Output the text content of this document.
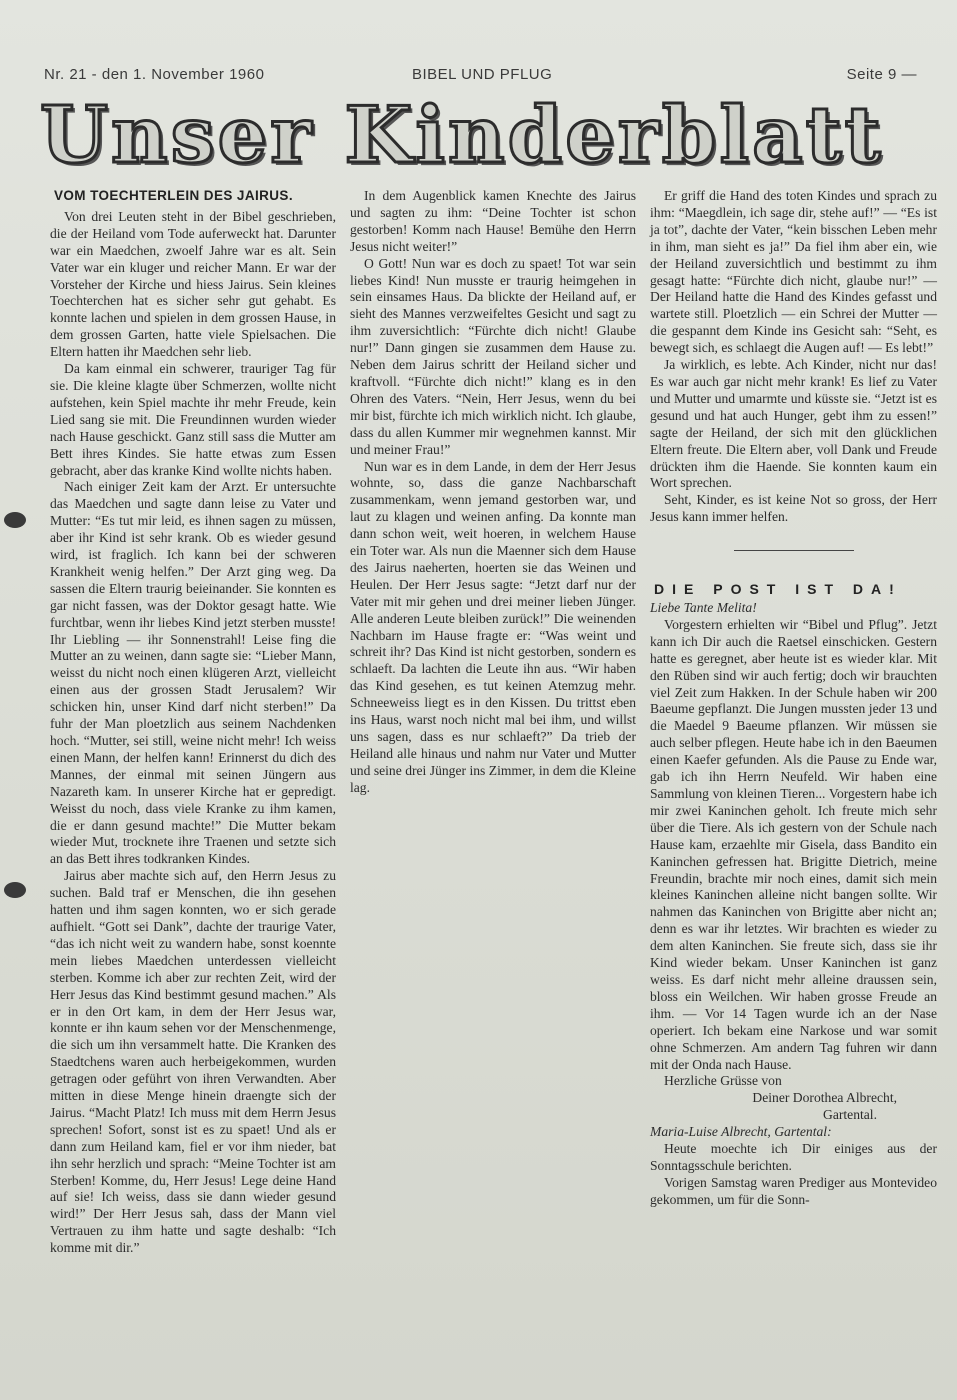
Nr. 21 - den 1. November 1960	BIBEL UND PFLUG	Seite 9 —
Unser Kinderblatt
VOM TOECHTERLEIN DES JAIRUS.

Von drei Leuten steht in der Bibel geschrieben, die der Heiland vom Tode auferweckt hat. Darunter war ein Maedchen, zwoelf Jahre war es alt. Sein Vater war ein kluger und reicher Mann. Er war der Vorsteher der Kirche und hiess Jairus. Sein kleines Toechterchen hat es sicher sehr gut gehabt. Es konnte lachen und spielen in dem grossen Hause, in dem grossen Garten, hatte viele Spielsachen. Die Eltern hatten ihr Maedchen sehr lieb.

Da kam einmal ein schwerer, trauriger Tag für sie. Die kleine klagte über Schmerzen, wollte nicht aufstehen, kein Spiel machte ihr mehr Freude, kein Lied sang sie mit. Die Freundinnen wurden wieder nach Hause geschickt. Ganz still sass die Mutter am Bett ihres Kindes. Sie hatte etwas zum Essen gebracht, aber das kranke Kind wollte nichts haben.

Nach einiger Zeit kam der Arzt. Er untersuchte das Maedchen und sagte dann leise zu Vater und Mutter: “Es tut mir leid, es ihnen sagen zu müssen, aber ihr Kind ist sehr krank. Ob es wieder gesund wird, ist fraglich. Ich kann bei der schweren Krankheit wenig helfen.” Der Arzt ging weg. Da sassen die Eltern traurig beieinander. Sie konnten es gar nicht fassen, was der Doktor gesagt hatte. Wie furchtbar, wenn ihr liebes Kind jetzt sterben musste! Ihr Liebling — ihr Sonnenstrahl! Leise fing die Mutter an zu weinen, dann sagte sie: “Lieber Mann, weisst du nicht noch einen klügeren Arzt, vielleicht einen aus der grossen Stadt Jerusalem? Wir schicken hin, unser Kind darf nicht sterben!” Da fuhr der Man ploetzlich aus seinem Nachdenken hoch. “Mutter, sei still, weine nicht mehr! Ich weiss einen Mann, der helfen kann! Erinnerst du dich des Mannes, der einmal mit seinen Jüngern aus Nazareth kam. In unserer Kirche hat er gepredigt. Weisst du noch, dass viele Kranke zu ihm kamen, die er dann gesund machte!” Die Mutter bekam wieder Mut, trocknete ihre Traenen und setzte sich an das Bett ihres todkranken Kindes.

Jairus aber machte sich auf, den Herrn Jesus zu suchen. Bald traf er Menschen, die ihn gesehen hatten und ihm sagen konnten, wo er sich gerade aufhielt. “Gott sei Dank”, dachte der traurige Vater, “das ich nicht weit zu wandern habe, sonst koennte mein liebes Maedchen unterdessen vielleicht sterben. Komme ich aber zur rechten Zeit, wird der Herr Jesus das Kind bestimmt gesund machen.” Als er in den Ort kam, in dem der Herr Jesus war, konnte er ihn kaum sehen vor der Menschenmenge, die sich um ihn versammelt hatte. Die Kranken des Staedtchens waren auch herbeigekommen, wurden getragen oder geführt von ihren Verwandten. Aber mitten in diese Menge hinein draengte sich der Jairus. “Macht Platz! Ich muss mit dem Herrn Jesus sprechen! Sofort, sonst ist es zu spaet! Und als er dann zum Heiland kam, fiel er vor ihm nieder, bat ihn sehr herzlich und sprach: “Meine Tochter ist am Sterben! Komme, du, Herr Jesus! Lege deine Hand auf sie! Ich weiss, dass sie dann wieder gesund wird!” Der Herr Jesus sah, dass der Mann viel Vertrauen zu ihm hatte und sagte deshalb: “Ich komme mit dir.”

In dem Augenblick kamen Knechte des Jairus und sagten zu ihm: “Deine Tochter ist schon gestorben! Komm nach Hause! Bemühe den Herrn Jesus nicht weiter!”

O Gott! Nun war es doch zu spaet! Tot war sein liebes Kind! Nun musste er traurig heimgehen in sein einsames Haus. Da blickte der Heiland auf, er sieht des Mannes verzweifeltes Gesicht und sagt zu ihm zuversichtlich: “Fürchte dich nicht! Glaube nur!” Dann gingen sie zusammen dem Hause zu. Neben dem Jairus schritt der Heiland sicher und kraftvoll. “Fürchte dich nicht!” klang es in den Ohren des Vaters. “Nein, Herr Jesus, wenn du bei mir bist, fürchte ich mich wirklich nicht. Ich glaube, dass du allen Kummer mir wegnehmen kannst. Mir und meiner Frau!”

Nun war es in dem Lande, in dem der Herr Jesus wohnte, so, dass die ganze Nachbarschaft zusammenkam, wenn jemand gestorben war, und laut zu klagen und weinen anfing. Da konnte man dann schon weit, weit hoeren, in welchem Hause ein Toter war. Als nun die Maenner sich dem Hause des Jairus naeherten, hoerten sie das Weinen und Heulen. Der Herr Jesus sagte: “Jetzt darf nur der Vater mit mir gehen und drei meiner lieben Jünger. Alle anderen Leute bleiben zurück!” Die weinenden Nachbarn im Hause fragte er: “Was weint und schreit ihr? Das Kind ist nicht gestorben, sondern es schlaeft. Da lachten die Leute ihn aus. “Wir haben das Kind gesehen, es tut keinen Atemzug mehr. Schneeweiss liegt es in den Kissen. Du trittst eben ins Haus, warst noch nicht mal bei ihm, und willst uns sagen, dass es nur schlaeft?” Da trieb der Heiland alle hinaus und nahm nur Vater und Mutter und seine drei Jünger ins Zimmer, in dem die Kleine lag.

Er griff die Hand des toten Kindes und sprach zu ihm: “Maegdlein, ich sage dir, stehe auf!” — “Es ist ja tot”, dachte der Vater, “kein bisschen Leben mehr in ihm, man sieht es ja!” Da fiel ihm aber ein, wie der Heiland zuversichtlich und bestimmt zu ihm gesagt hatte: “Fürchte dich nicht, glaube nur!” — Der Heiland hatte die Hand des Kindes gefasst und wartete still. Ploetzlich — ein Schrei der Mutter — die gespannt dem Kinde ins Gesicht sah: “Seht, es bewegt sich, es schlaegt die Augen auf! — Es lebt!”

Ja wirklich, es lebte. Ach Kinder, nicht nur das! Es war auch gar nicht mehr krank! Es lief zu Vater und Mutter und umarmte und küsste sie. “Jetzt ist es gesund und hat auch Hunger, gebt ihm zu essen!” sagte der Heiland, der sich mit den glücklichen Eltern freute. Die Eltern aber, voll Dank und Freude drückten ihm die Haende. Sie konnten kaum ein Wort sprechen.

Seht, Kinder, es ist keine Not so gross, der Herr Jesus kann immer helfen.

DIE POST IST DA!

Liebe Tante Melita!

Vorgestern erhielten wir “Bibel und Pflug”. Jetzt kann ich Dir auch die Raetsel einschicken. Gestern hatte es geregnet, aber heute ist es wieder klar. Mit den Rüben sind wir auch fertig; doch wir brauchten viel Zeit zum Hakken. In der Schule haben wir 200 Baeume gepflanzt. Die Jungen mussten jeder 13 und die Maedel 9 Baeume pflanzen. Wir müssen sie auch selber pflegen. Heute habe ich in den Baeumen einen Kaefer gefunden. Als die Pause zu Ende war, gab ich ihn Herrn Neufeld. Wir haben eine Sammlung von kleinen Tieren... Vorgestern habe ich mir zwei Kaninchen geholt. Ich freute mich sehr über die Tiere. Als ich gestern von der Schule nach Hause kam, erzaehlte mir Gisela, dass Bandito ein Kaninchen gefressen hat. Brigitte Dietrich, meine Freundin, brachte mir noch eines, damit sich mein kleines Kaninchen alleine nicht bangen sollte. Wir nahmen das Kaninchen von Brigitte aber nicht an; denn es war ihr letztes. Wir brachten es wieder zu dem alten Kaninchen. Sie freute sich, dass sie ihr Kind wieder bekam. Unser Kaninchen ist ganz weiss. Es darf nicht mehr alleine draussen sein, bloss ein Weilchen. Wir haben grosse Freude an ihm. — Vor 14 Tagen wurde ich an der Nase operiert. Ich bekam eine Narkose und war somit ohne Schmerzen. Am andern Tag fuhren wir dann mit der Onda nach Hause.

Herzliche Grüsse von

Deiner Dorothea Albrecht,

Gartental.

Maria-Luise Albrecht, Gartental:

Heute moechte ich Dir einiges aus der Sonntagsschule berichten.

Vorigen Samstag waren Prediger aus Montevideo gekommen, um für die Sonn-
